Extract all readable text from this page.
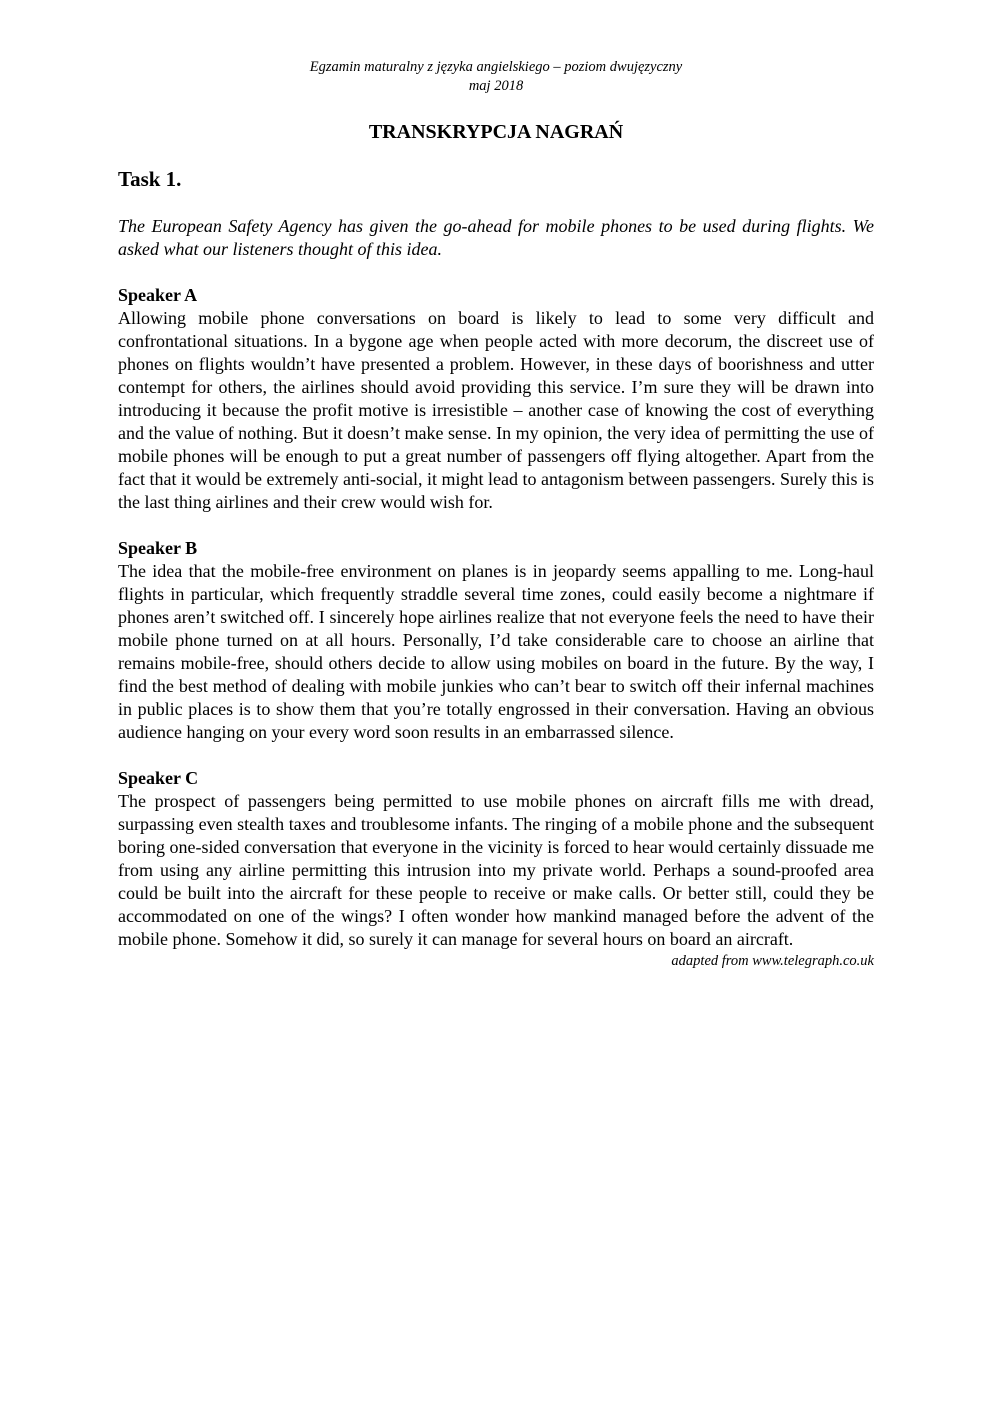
Egzamin maturalny z języka angielskiego – poziom dwujęzyczny
maj 2018
TRANSKRYPCJA NAGRAŃ
Task 1.
The European Safety Agency has given the go-ahead for mobile phones to be used during flights. We asked what our listeners thought of this idea.
Speaker A
Allowing mobile phone conversations on board is likely to lead to some very difficult and confrontational situations. In a bygone age when people acted with more decorum, the discreet use of phones on flights wouldn’t have presented a problem. However, in these days of boorishness and utter contempt for others, the airlines should avoid providing this service. I’m sure they will be drawn into introducing it because the profit motive is irresistible – another case of knowing the cost of everything and the value of nothing. But it doesn’t make sense. In my opinion, the very idea of permitting the use of mobile phones will be enough to put a great number of passengers off flying altogether. Apart from the fact that it would be extremely anti-social, it might lead to antagonism between passengers. Surely this is the last thing airlines and their crew would wish for.
Speaker B
The idea that the mobile-free environment on planes is in jeopardy seems appalling to me. Long-haul flights in particular, which frequently straddle several time zones, could easily become a nightmare if phones aren’t switched off. I sincerely hope airlines realize that not everyone feels the need to have their mobile phone turned on at all hours. Personally, I’d take considerable care to choose an airline that remains mobile-free, should others decide to allow using mobiles on board in the future. By the way, I find the best method of dealing with mobile junkies who can’t bear to switch off their infernal machines in public places is to show them that you’re totally engrossed in their conversation. Having an obvious audience hanging on your every word soon results in an embarrassed silence.
Speaker C
The prospect of passengers being permitted to use mobile phones on aircraft fills me with dread, surpassing even stealth taxes and troublesome infants. The ringing of a mobile phone and the subsequent boring one-sided conversation that everyone in the vicinity is forced to hear would certainly dissuade me from using any airline permitting this intrusion into my private world. Perhaps a sound-proofed area could be built into the aircraft for these people to receive or make calls. Or better still, could they be accommodated on one of the wings? I often wonder how mankind managed before the advent of the mobile phone. Somehow it did, so surely it can manage for several hours on board an aircraft.
adapted from www.telegraph.co.uk
